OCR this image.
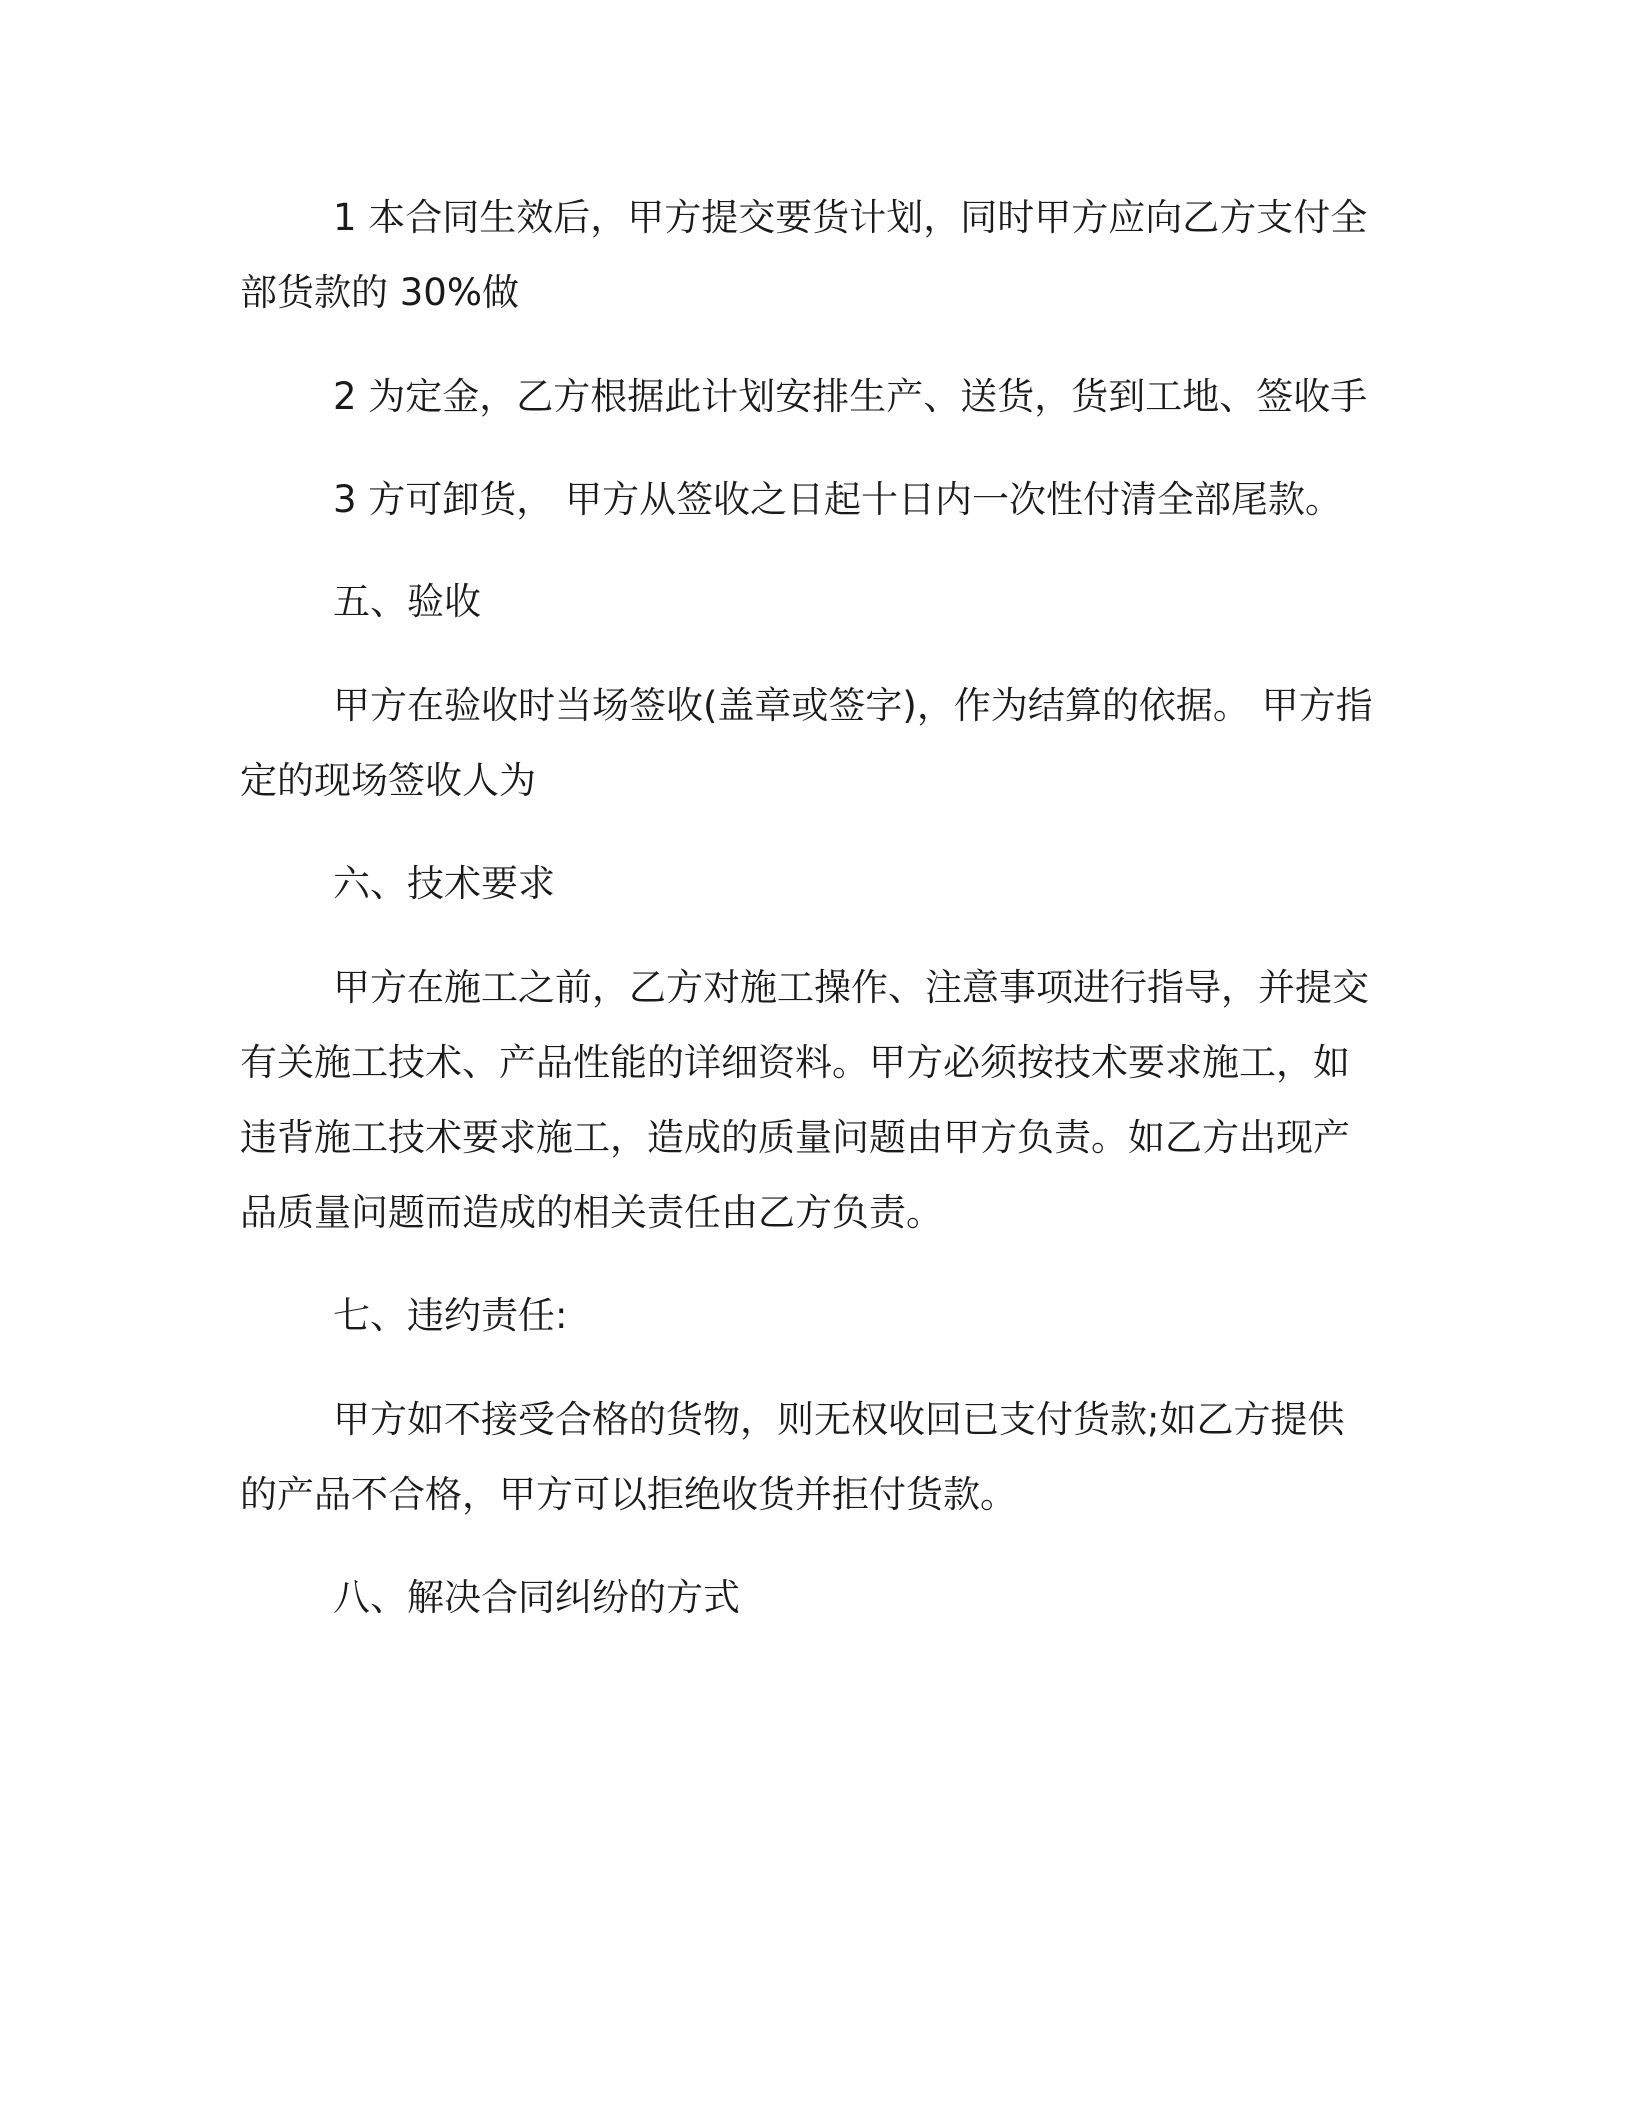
1 本合同生效后，甲方提交要货计划，同时甲方应向乙方支付全
部货款的 30%做
2 为定金，乙方根据此计划安排生产、送货，货到工地、签收手
3 方可卸货， 甲方从签收之日起十日内一次性付清全部尾款。
五、验收
甲方在验收时当场签收(盖章或签字)，作为结算的依据。 甲方指
定的现场签收人为
六、技术要求
甲方在施工之前，乙方对施工操作、注意事项进行指导，并提交
有关施工技术、产品性能的详细资料。甲方必须按技术要求施工，如
违背施工技术要求施工，造成的质量问题由甲方负责。如乙方出现产
品质量问题而造成的相关责任由乙方负责。
七、违约责任:
甲方如不接受合格的货物，则无权收回已支付货款;如乙方提供
的产品不合格，甲方可以拒绝收货并拒付货款。
八、解决合同纠纷的方式
